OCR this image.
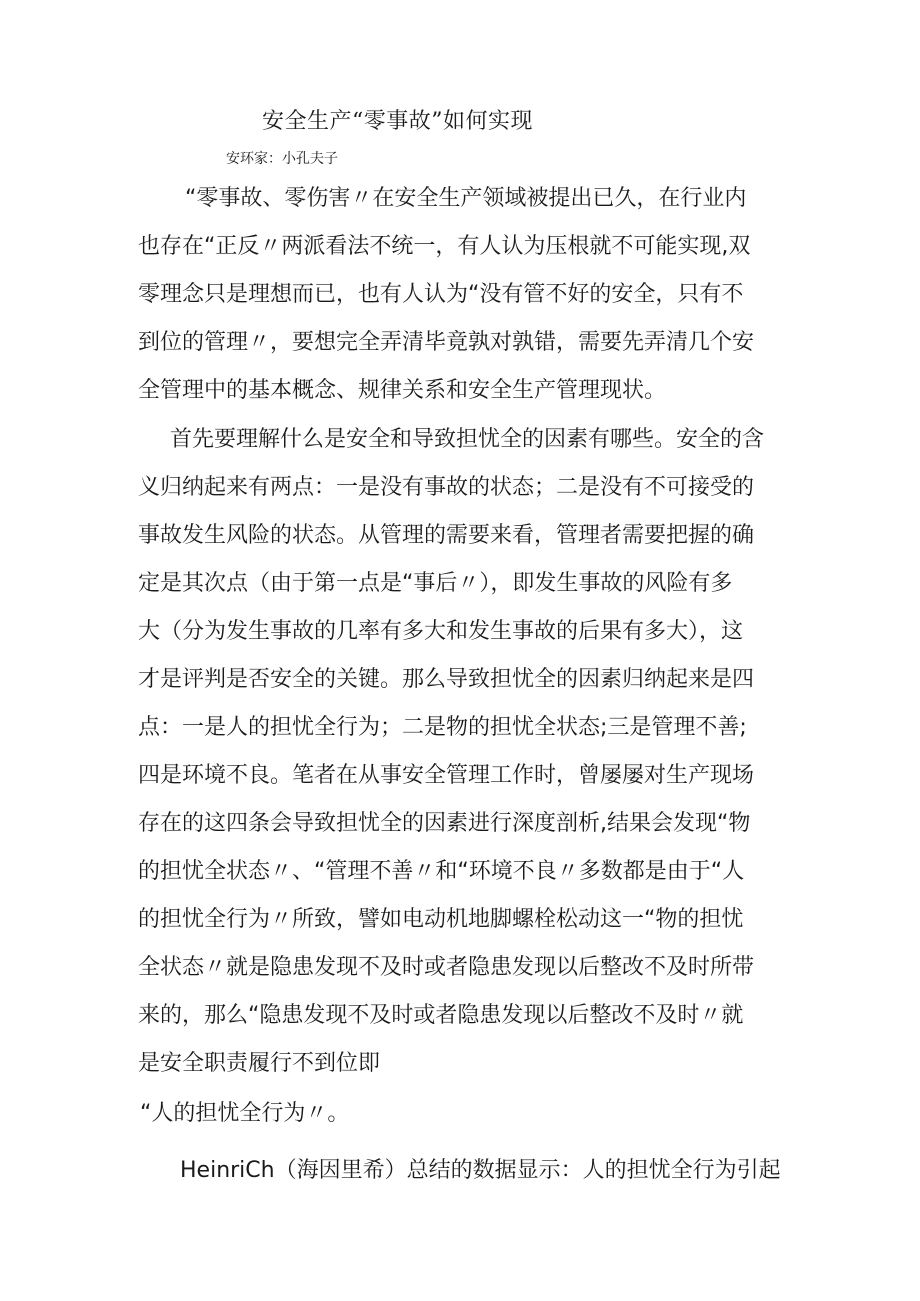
安全生产“零事故”如何实现
安环家：小孔夫子
“零事故、零伤害〃在安全生产领域被提出已久，在行业内
也存在“正反〃两派看法不统一，有人认为压根就不可能实现,双
零理念只是理想而已，也有人认为“没有管不好的安全，只有不
到位的管理〃，要想完全弄清毕竟孰对孰错，需要先弄清几个安
全管理中的基本概念、规律关系和安全生产管理现状。
首先要理解什么是安全和导致担忧全的因素有哪些。安全的含
义归纳起来有两点：一是没有事故的状态；二是没有不可接受的
事故发生风险的状态。从管理的需要来看，管理者需要把握的确
定是其次点（由于第一点是“事后〃），即发生事故的风险有多
大（分为发生事故的几率有多大和发生事故的后果有多大），这
才是评判是否安全的关键。那么导致担忧全的因素归纳起来是四
点：一是人的担忧全行为；二是物的担忧全状态;三是管理不善;
四是环境不良。笔者在从事安全管理工作时，曾屡屡对生产现场
存在的这四条会导致担忧全的因素进行深度剖析,结果会发现“物
的担忧全状态〃、“管理不善〃和“环境不良〃多数都是由于“人
的担忧全行为〃所致，譬如电动机地脚螺栓松动这一“物的担忧
全状态〃就是隐患发现不及时或者隐患发现以后整改不及时所带
来的，那么“隐患发现不及时或者隐患发现以后整改不及时〃就
是安全职责履行不到位即
“人的担忧全行为〃。
HeinriCh（海因里希）总结的数据显示：人的担忧全行为引起
